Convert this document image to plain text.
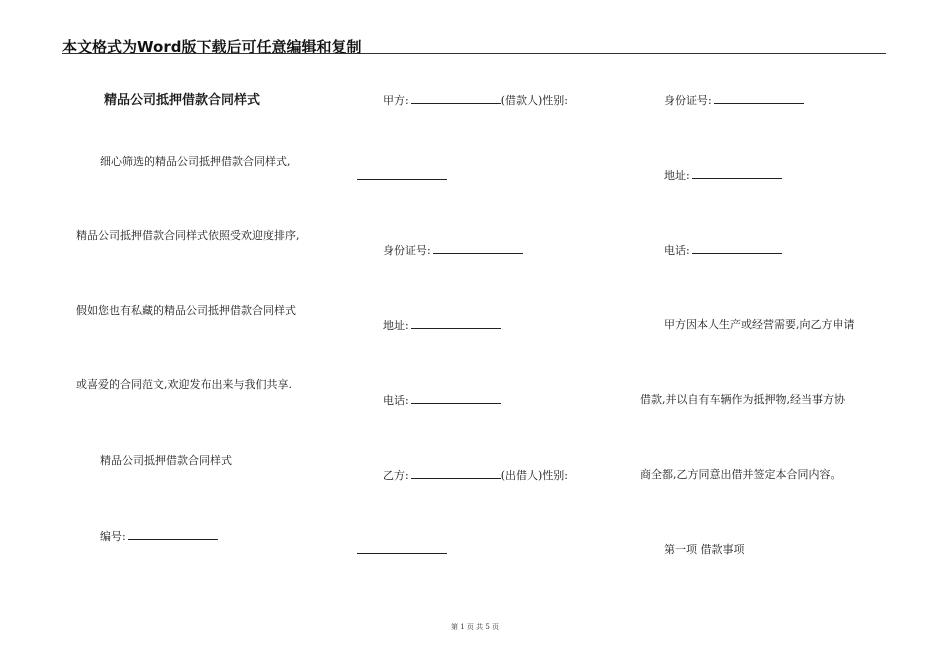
本文格式为Word版下载后可任意编辑和复制
精品公司抵押借款合同样式
细心筛选的精品公司抵押借款合同样式,
精品公司抵押借款合同样式依照受欢迎度排序,
假如您也有私藏的精品公司抵押借款合同样式
或喜爱的合同范文,欢迎发布出来与我们共享.
精品公司抵押借款合同样式
编号:
甲方:	(借款人)性别:
身份证号:
地址:
电话:
乙方:	(出借人)性别:
身份证号:
地址:
电话:
甲方因本人生产或经营需要,向乙方申请
借款,并以自有车辆作为抵押物,经当事方协
商全都,乙方同意出借并签定本合同内容。
第一项 借款事项
第 1 页 共 5 页
